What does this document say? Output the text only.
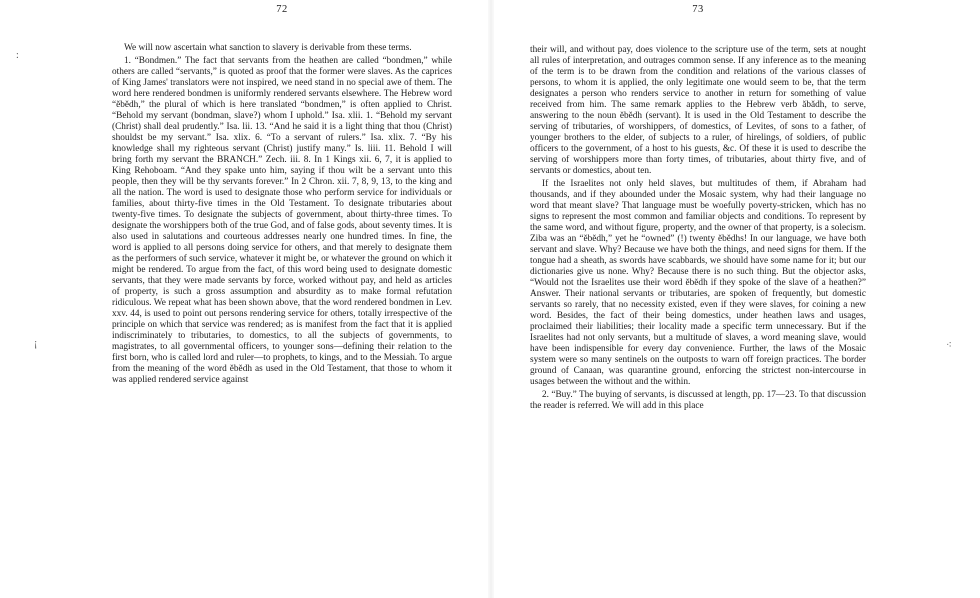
:
¡	⁖
72

We will now ascertain what sanction to slavery is derivable from these terms.

1. “Bondmen.” The fact that servants from the heathen are called “bondmen,” while others are called “servants,” is quoted as proof that the former were slaves. As the caprices of King James' translators were not inspired, we need stand in no special awe of them. The word here rendered bondmen is uniformly rendered servants elsewhere. The Hebrew word “ĕbĕdh,” the plural of which is here translated “bondmen,” is often applied to Christ. “Behold my servant (bondman, slave?) whom I uphold.” Isa. xlii. 1. “Behold my servant (Christ) shall deal prudently.” Isa. lii. 13. “And he said it is a light thing that thou (Christ) shouldst be my servant.” Isa. xlix. 6. “To a servant of rulers.” Isa. xlix. 7. “By his knowledge shall my righteous servant (Christ) justify many.” Is. liii. 11. Behold I will bring forth my servant the BRANCH.” Zech. iii. 8. In 1 Kings xii. 6, 7, it is applied to King Rehoboam. “And they spake unto him, saying if thou wilt be a servant unto this people, then they will be thy servants forever.” In 2 Chron. xii. 7, 8, 9, 13, to the king and all the nation. The word is used to designate those who perform service for individuals or families, about thirty-five times in the Old Testament. To designate tributaries about twenty-five times. To designate the subjects of government, about thirty-three times. To designate the worshippers both of the true God, and of false gods, about seventy times. It is also used in salutations and courteous addresses nearly one hundred times. In fine, the word is applied to all persons doing service for others, and that merely to designate them as the performers of such service, whatever it might be, or whatever the ground on which it might be rendered. To argue from the fact, of this word being used to designate domestic servants, that they were made servants by force, worked without pay, and held as articles of property, is such a gross assumption and absurdity as to make formal refutation ridiculous. We repeat what has been shown above, that the word rendered bondmen in Lev. xxv. 44, is used to point out persons rendering service for others, totally irrespective of the principle on which that service was rendered; as is manifest from the fact that it is applied indiscriminately to tributaries, to domestics, to all the subjects of governments, to magistrates, to all governmental officers, to younger sons—defining their relation to the first born, who is called lord and ruler—to prophets, to kings, and to the Messiah. To argue from the meaning of the word ĕbĕdh as used in the Old Testament, that those to whom it was applied rendered service against

73

their will, and without pay, does violence to the scripture use of the term, sets at nought all rules of interpretation, and outrages common sense. If any inference as to the meaning of the term is to be drawn from the condition and relations of the various classes of persons, to whom it is applied, the only legitimate one would seem to be, that the term designates a person who renders service to another in return for something of value received from him. The same remark applies to the Hebrew verb ăbădh, to serve, answering to the noun ĕbĕdh (servant). It is used in the Old Testament to describe the serving of tributaries, of worshippers, of domestics, of Levites, of sons to a father, of younger brothers to the elder, of subjects to a ruler, of hirelings, of soldiers, of public officers to the government, of a host to his guests, &c. Of these it is used to describe the serving of worshippers more than forty times, of tributaries, about thirty five, and of servants or domestics, about ten.

If the Israelites not only held slaves, but multitudes of them, if Abraham had thousands, and if they abounded under the Mosaic system, why had their language no word that meant slave? That language must be woefully poverty-stricken, which has no signs to represent the most common and familiar objects and conditions. To represent by the same word, and without figure, property, and the owner of that property, is a solecism. Ziba was an “ĕbĕdh,” yet he “owned” (!) twenty ĕbĕdhs! In our language, we have both servant and slave. Why? Because we have both the things, and need signs for them. If the tongue had a sheath, as swords have scabbards, we should have some name for it; but our dictionaries give us none. Why? Because there is no such thing. But the objector asks, “Would not the Israelites use their word ĕbĕdh if they spoke of the slave of a heathen?” Answer. Their national servants or tributaries, are spoken of frequently, but domestic servants so rarely, that no necessity existed, even if they were slaves, for coining a new word. Besides, the fact of their being domestics, under heathen laws and usages, proclaimed their liabilities; their locality made a specific term unnecessary. But if the Israelites had not only servants, but a multitude of slaves, a word meaning slave, would have been indispensible for every day convenience. Further, the laws of the Mosaic system were so many sentinels on the outposts to warn off foreign practices. The border ground of Canaan, was quarantine ground, enforcing the strictest non-intercourse in usages between the without and the within.

2. “Buy.” The buying of servants, is discussed at length, pp. 17—23. To that discussion the reader is referred. We will add in this place
